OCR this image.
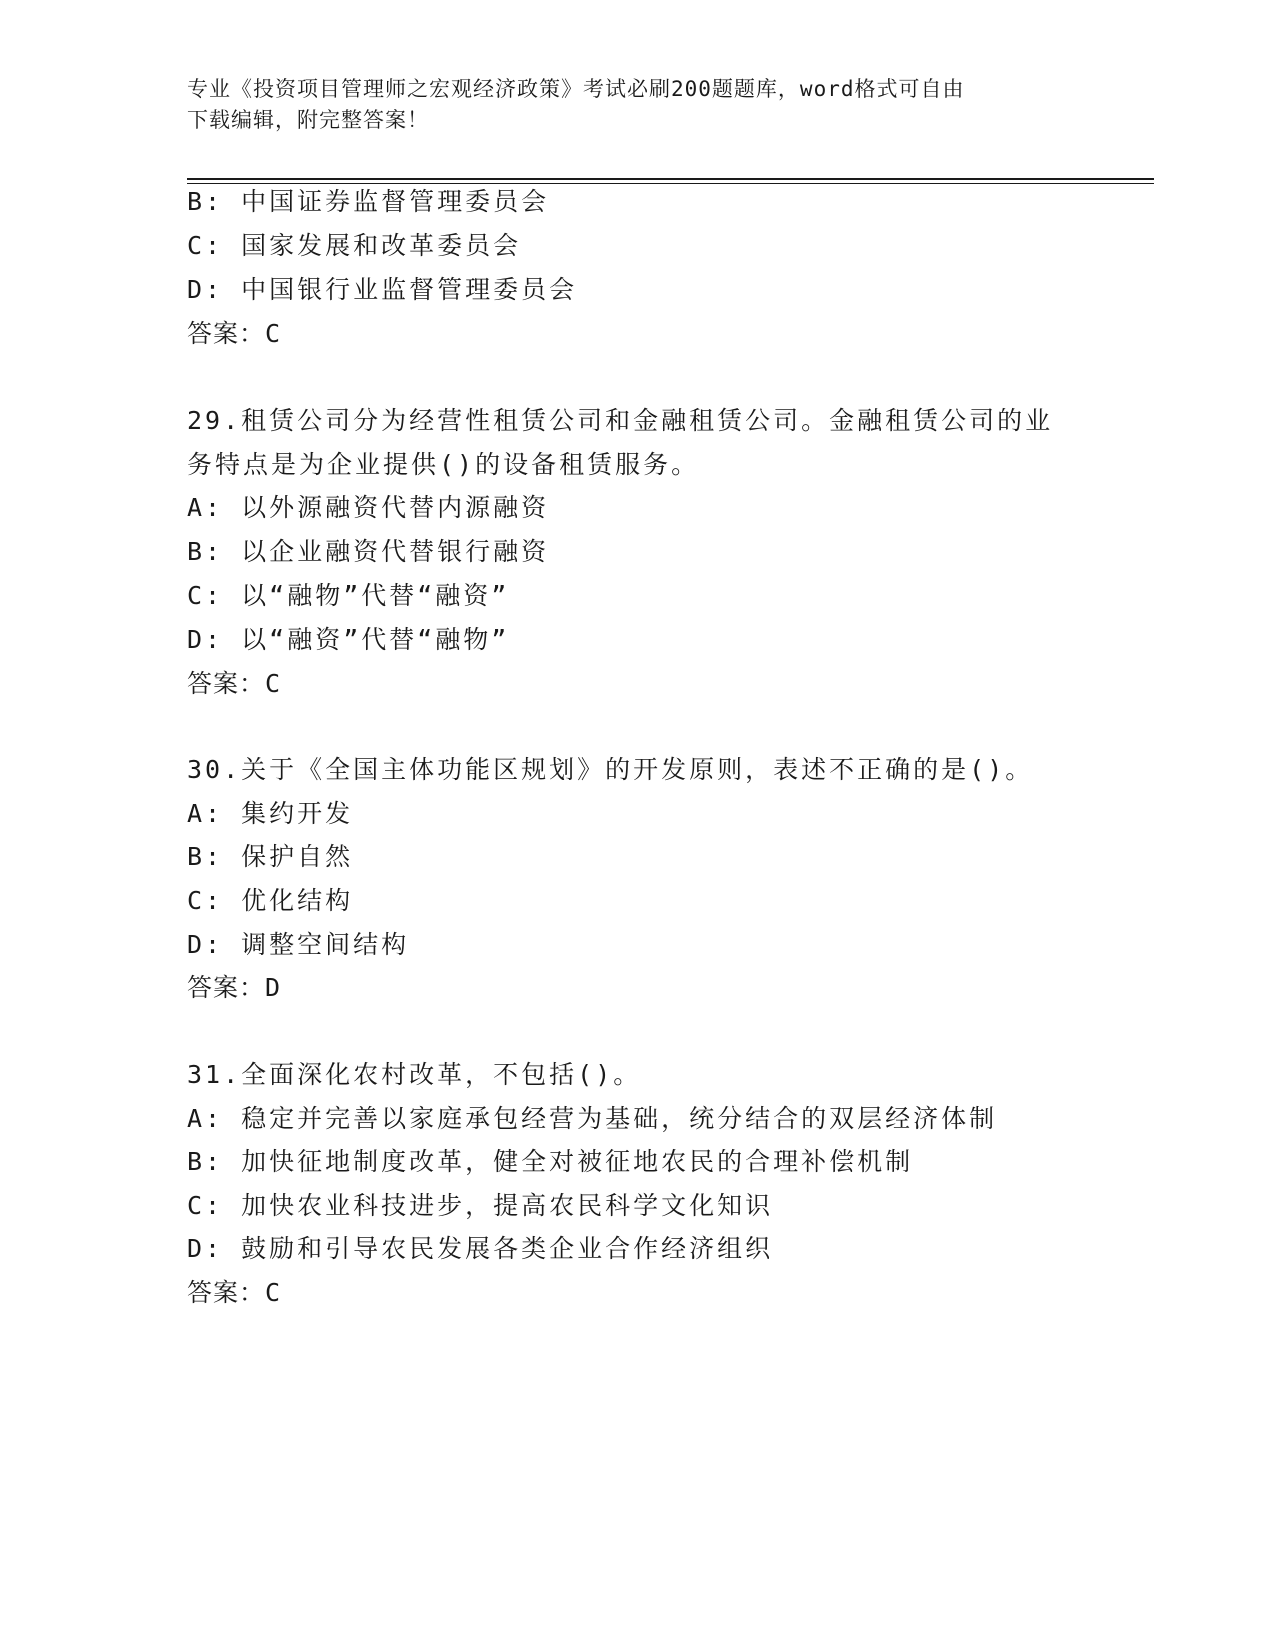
专业《投资项目管理师之宏观经济政策》考试必刷200题题库，word格式可自由
下载编辑，附完整答案！
B: 中国证券监督管理委员会
C: 国家发展和改革委员会
D: 中国银行业监督管理委员会
答案：C
29.租赁公司分为经营性租赁公司和金融租赁公司。金融租赁公司的业
务特点是为企业提供()的设备租赁服务。
A: 以外源融资代替内源融资
B: 以企业融资代替银行融资
C: 以“融物”代替“融资”
D: 以“融资”代替“融物”
答案：C
30.关于《全国主体功能区规划》的开发原则，表述不正确的是()。
A: 集约开发
B: 保护自然
C: 优化结构
D: 调整空间结构
答案：D
31.全面深化农村改革，不包括()。
A: 稳定并完善以家庭承包经营为基础，统分结合的双层经济体制
B: 加快征地制度改革，健全对被征地农民的合理补偿机制
C: 加快农业科技进步，提高农民科学文化知识
D: 鼓励和引导农民发展各类企业合作经济组织
答案：C
